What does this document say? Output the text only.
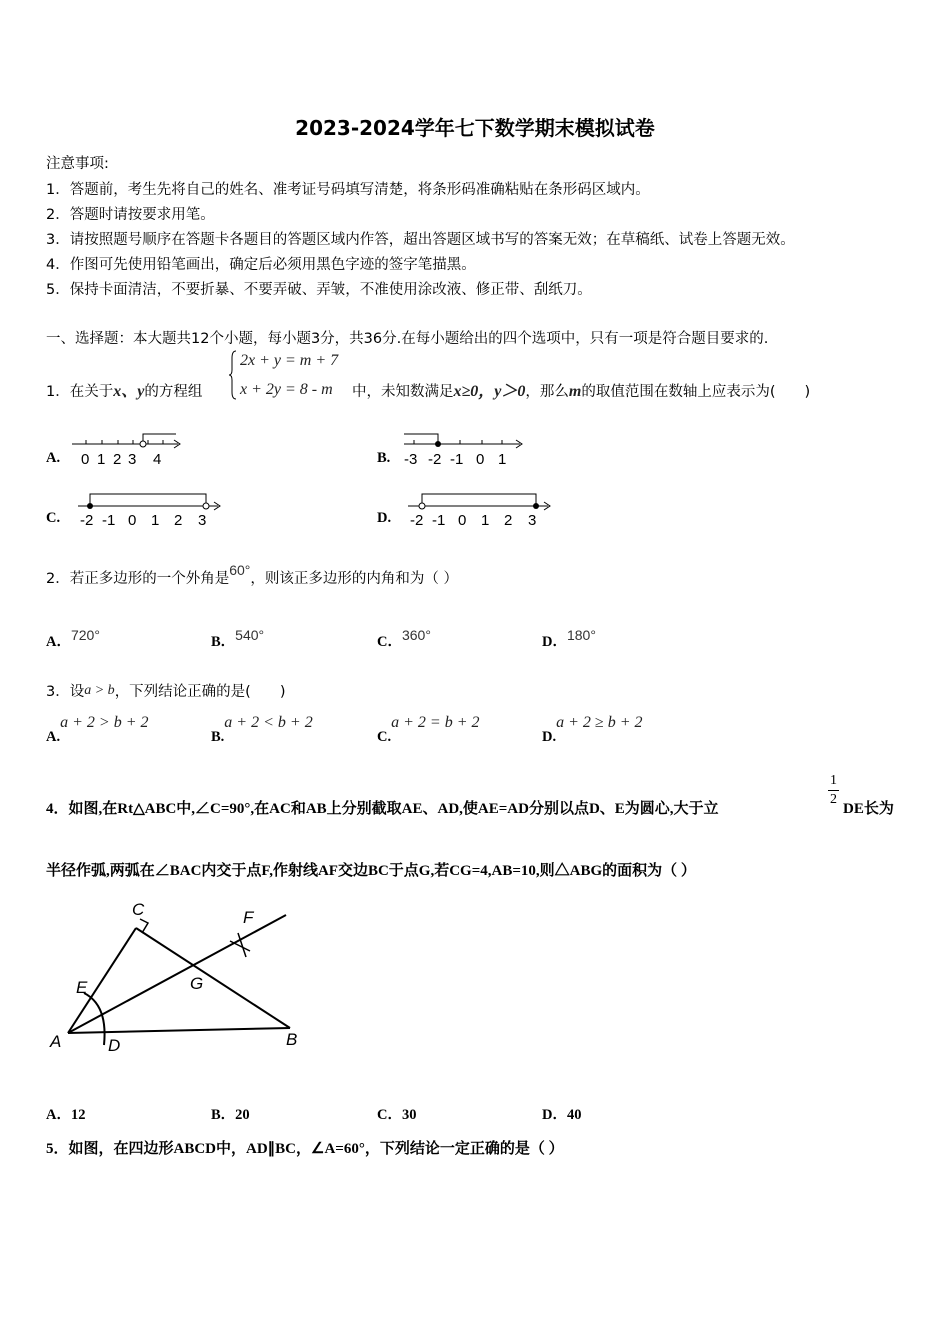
2023-2024学年七下数学期末模拟试卷
注意事项:
1．答题前，考生先将自己的姓名、准考证号码填写清楚，将条形码准确粘贴在条形码区域内。
2．答题时请按要求用笔。
3．请按照题号顺序在答题卡各题目的答题区域内作答，超出答题区域书写的答案无效；在草稿纸、试卷上答题无效。
4．作图可先使用铅笔画出，确定后必须用黑色字迹的签字笔描黑。
5．保持卡面清洁，不要折暴、不要弄破、弄皱，不准使用涂改液、修正带、刮纸刀。
一、选择题：本大题共12个小题，每小题3分，共36分.在每小题给出的四个选项中，只有一项是符合题目要求的.
1．在关于x、y的方程组
2x + y = m + 7
x + 2y = 8 - m 中，未知数满足x≥0，y＞0，那么m的取值范围在数轴上应表示为(　　)
A.	B.
C.	D.
0 1 2 3 4	-3 -2 -1 0 1
-2 -1 0 1 2 3	-2 -1 0 1 2 3
2．若正多边形的一个外角是60°，则该正多边形的内角和为（ ）
A．720°	B．540°	C．360°	D．180°
3．设a > b，下列结论正确的是(　　)
A.a + 2 > b + 2
B.a + 2 < b + 2
C.a + 2 = b + 2
D.a + 2 ≥ b + 2
4．如图,在Rt△ABC中,∠C=90°,在AC和AB上分别截取AE、AD,使AE=AD分别以点D、E为圆心,大于立	$\frac{1}{2}$ DE长为
半径作弧,两弧在∠BAC内交于点F,作射线AF交边BC于点G,若CG=4,AB=10,则△ABG的面积为（ ）
C	F
E	G
A	D	B
A．12	B．20	C．30	D．40
5．如图，在四边形ABCD中，AD∥BC，∠A=60°，下列结论一定正确的是（ ）
